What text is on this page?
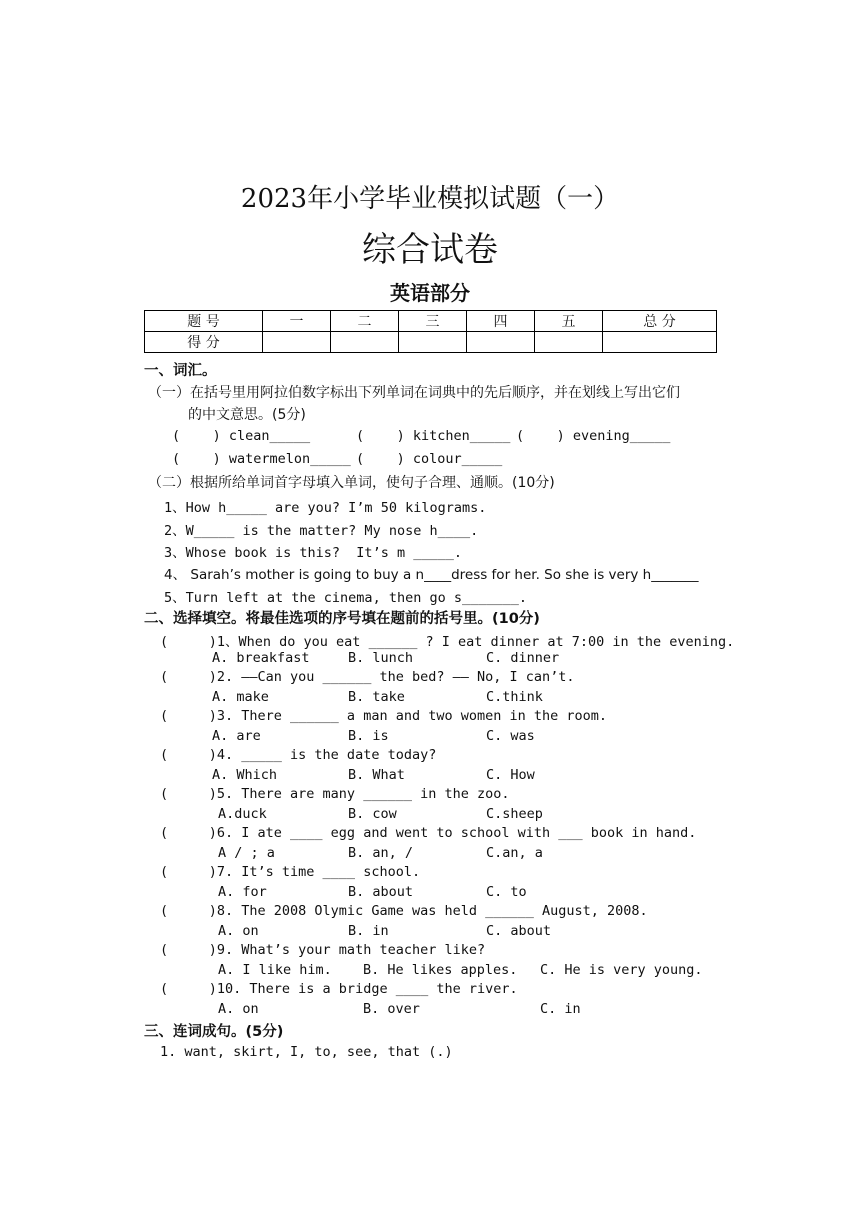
2023年小学毕业模拟试题（一）
综合试卷
英语部分
题 号	一	二	三	四	五	总 分
得 分						
一、词汇。
（一）在括号里用阿拉伯数字标出下列单词在词典中的先后顺序，并在划线上写出它们
的中文意思。(5分)
(    ) clean_____	(    ) kitchen_____ (    ) evening_____
(    ) watermelon_____ (    ) colour_____
（二）根据所给单词首字母填入单词，使句子合理、通顺。(10分)
1、How h_____ are you? I’m 50 kilograms.
2、W_____ is the matter? My nose h____.
3、Whose book is this?  It’s m _____.
4、 Sarah’s mother is going to buy a n____dress for her. So she is very h_______
5、Turn left at the cinema, then go s_______.
二、选择填空。将最佳选项的序号填在题前的括号里。(10分)
(     )1、When do you eat ______ ? I eat dinner at 7:00 in the evening.
A. breakfast	B. lunch	C. dinner
(     )2. ——Can you ______ the bed? —— No, I can’t.
A. make	B. take	C.think
(     )3. There ______ a man and two women in the room.
A. are	B. is	C. was
(     )4. _____ is the date today?
A. Which	B. What	C. How
(     )5. There are many ______ in the zoo.
A.duck	B. cow	C.sheep
(     )6. I ate ____ egg and went to school with ___ book in hand.
A / ; a	B. an, /	C.an, a
(     )7. It’s time ____ school.
A. for	B. about	C. to
(     )8. The 2008 Olymic Game was held ______ August, 2008.
A. on	B. in	C. about
(     )9. What’s your math teacher like?
A. I like him. B. He likes apples. C. He is very young.
(     )10. There is a bridge ____ the river.
A. on	B. over	C. in
三、连词成句。(5分)
1. want, skirt, I, to, see, that (.)
